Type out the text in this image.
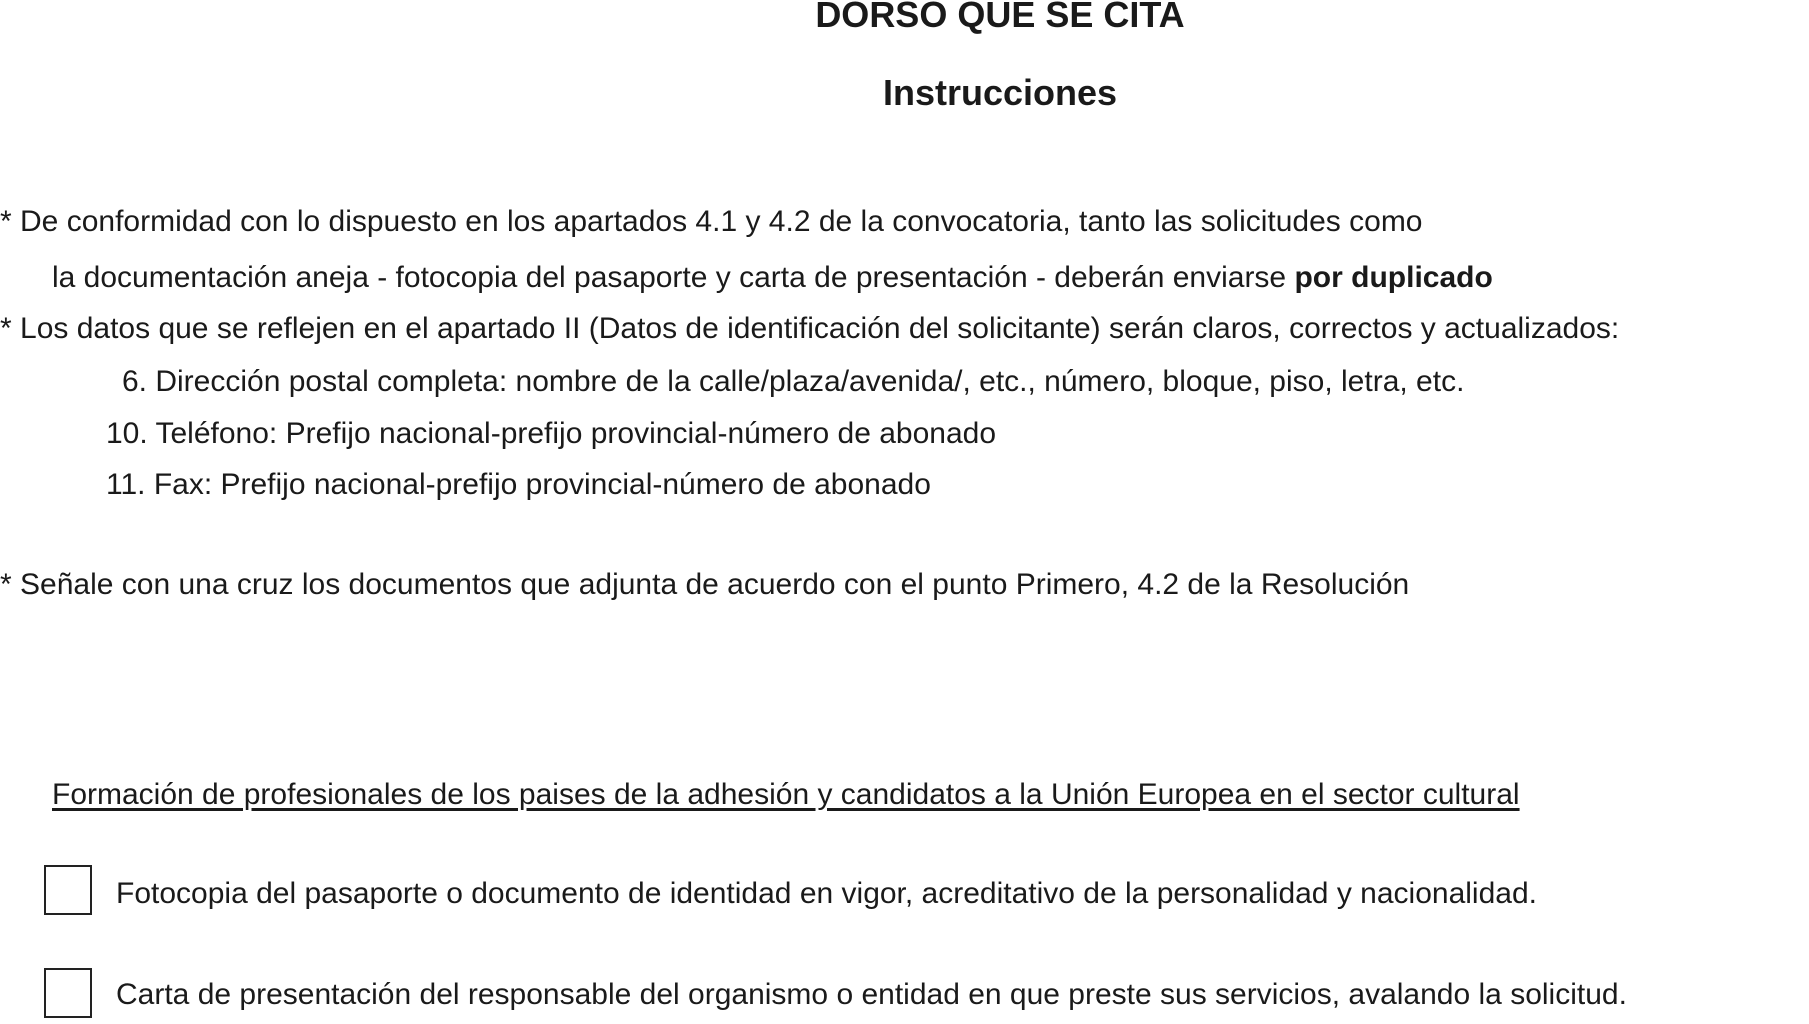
DORSO QUE SE CITA
Instrucciones
* De conformidad con lo dispuesto en los apartados 4.1 y 4.2 de la convocatoria, tanto las solicitudes como
la documentación aneja - fotocopia del pasaporte y carta de presentación - deberán enviarse por duplicado
* Los datos que se reflejen en el apartado II (Datos de identificación del solicitante) serán claros, correctos y actualizados:
6. Dirección postal completa: nombre de la calle/plaza/avenida/, etc., número, bloque, piso, letra, etc.
10. Teléfono: Prefijo nacional-prefijo provincial-número de abonado
11. Fax: Prefijo nacional-prefijo provincial-número de abonado
* Señale con una cruz los documentos que adjunta de acuerdo con el punto Primero, 4.2 de la Resolución
Formación de profesionales de los paises de la adhesión y candidatos a la Unión Europea en el sector cultural
Fotocopia del pasaporte o documento de identidad en vigor, acreditativo de la personalidad y nacionalidad.
Carta de presentación del responsable del organismo o entidad en que preste sus servicios, avalando la solicitud.
